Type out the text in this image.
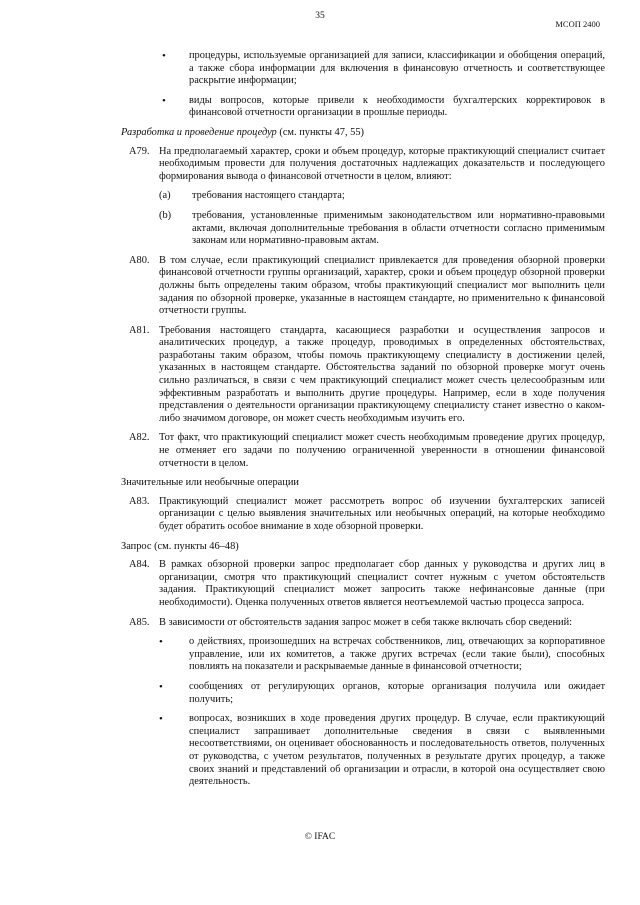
35
МСОП 2400
• процедуры, используемые организацией для записи, классификации и обобщения операций, а также сбора информации для включения в финансовую отчетность и соответствующее раскрытие информации;
• виды вопросов, которые привели к необходимости бухгалтерских корректировок в финансовой отчетности организации в прошлые периоды.
Разработка и проведение процедур (см. пункты 47, 55)
A79. На предполагаемый характер, сроки и объем процедур, которые практикующий специалист считает необходимым провести для получения достаточных надлежащих доказательств и последующего формирования вывода о финансовой отчетности в целом, влияют:
(a) требования настоящего стандарта;
(b) требования, установленные применимым законодательством или нормативно-правовыми актами, включая дополнительные требования в области отчетности согласно применимым законам или нормативно-правовым актам.
A80. В том случае, если практикующий специалист привлекается для проведения обзорной проверки финансовой отчетности группы организаций, характер, сроки и объем процедур обзорной проверки должны быть определены таким образом, чтобы практикующий специалист мог выполнить цели задания по обзорной проверке, указанные в настоящем стандарте, но применительно к финансовой отчетности группы.
A81. Требования настоящего стандарта, касающиеся разработки и осуществления запросов и аналитических процедур, а также процедур, проводимых в определенных обстоятельствах, разработаны таким образом, чтобы помочь практикующему специалисту в достижении целей, указанных в настоящем стандарте. Обстоятельства заданий по обзорной проверке могут очень сильно различаться, в связи с чем практикующий специалист может счесть целесообразным или эффективным разработать и выполнить другие процедуры. Например, если в ходе получения представления о деятельности организации практикующему специалисту станет известно о каком-либо значимом договоре, он может счесть необходимым изучить его.
A82. Тот факт, что практикующий специалист может счесть необходимым проведение других процедур, не отменяет его задачи по получению ограниченной уверенности в отношении финансовой отчетности в целом.
Значительные или необычные операции
A83. Практикующий специалист может рассмотреть вопрос об изучении бухгалтерских записей организации с целью выявления значительных или необычных операций, на которые необходимо будет обратить особое внимание в ходе обзорной проверки.
Запрос (см. пункты 46–48)
A84. В рамках обзорной проверки запрос предполагает сбор данных у руководства и других лиц в организации, смотря что практикующий специалист сочтет нужным с учетом обстоятельств задания. Практикующий специалист может запросить также нефинансовые данные (при необходимости). Оценка полученных ответов является неотъемлемой частью процесса запроса.
A85. В зависимости от обстоятельств задания запрос может в себя также включать сбор сведений:
•	о действиях, произошедших на встречах собственников, лиц, отвечающих за корпоративное управление, или их комитетов, а также других встречах (если такие были), способных повлиять на показатели и раскрываемые данные в финансовой отчетности;
•	сообщениях от регулирующих органов, которые организация получила или ожидает получить;
•	вопросах, возникших в ходе проведения других процедур. В случае, если практикующий специалист запрашивает дополнительные сведения в связи с выявленными несоответствиями, он оценивает обоснованность и последовательность ответов, полученных от руководства, с учетом результатов, полученных в результате других процедур, а также своих знаний и представлений об организации и отрасли, в которой она осуществляет свою деятельность.
© IFAC
